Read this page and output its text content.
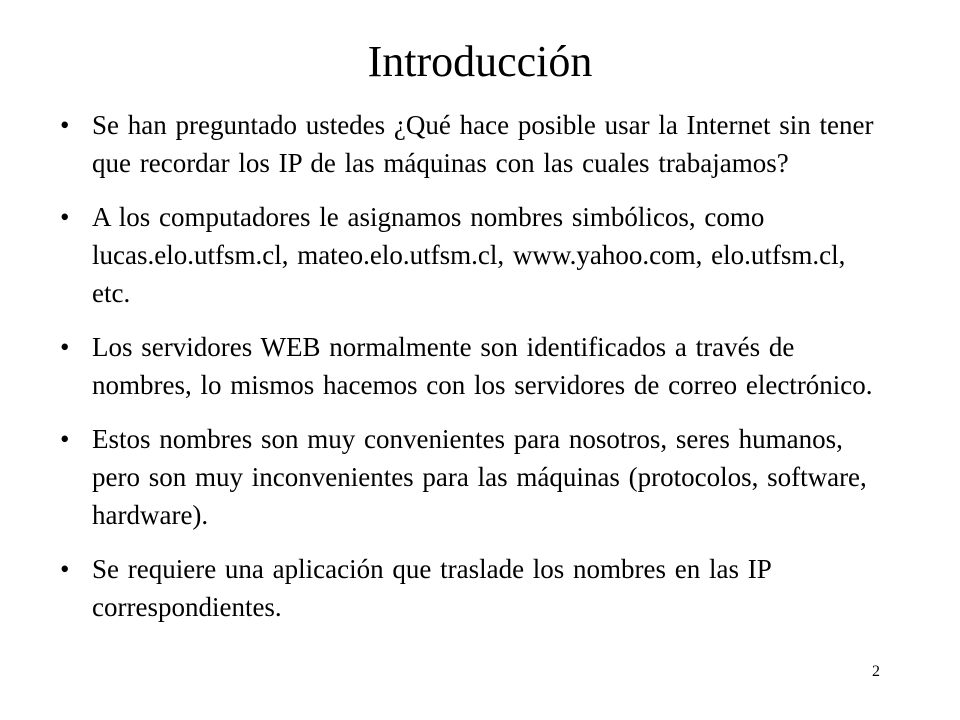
Introducción
• Se han preguntado ustedes ¿Qué hace posible usar la Internet sin tener que recordar los IP de las máquinas con las cuales trabajamos?
• A los computadores le asignamos nombres simbólicos, como lucas.elo.utfsm.cl, mateo.elo.utfsm.cl, www.yahoo.com, elo.utfsm.cl, etc.
• Los servidores WEB normalmente son identificados a través de nombres, lo mismos hacemos con los servidores de correo electrónico.
• Estos nombres son muy convenientes para nosotros, seres humanos, pero son muy inconvenientes para las máquinas (protocolos, software, hardware).
• Se requiere una aplicación que traslade los nombres en las IP correspondientes.
2
